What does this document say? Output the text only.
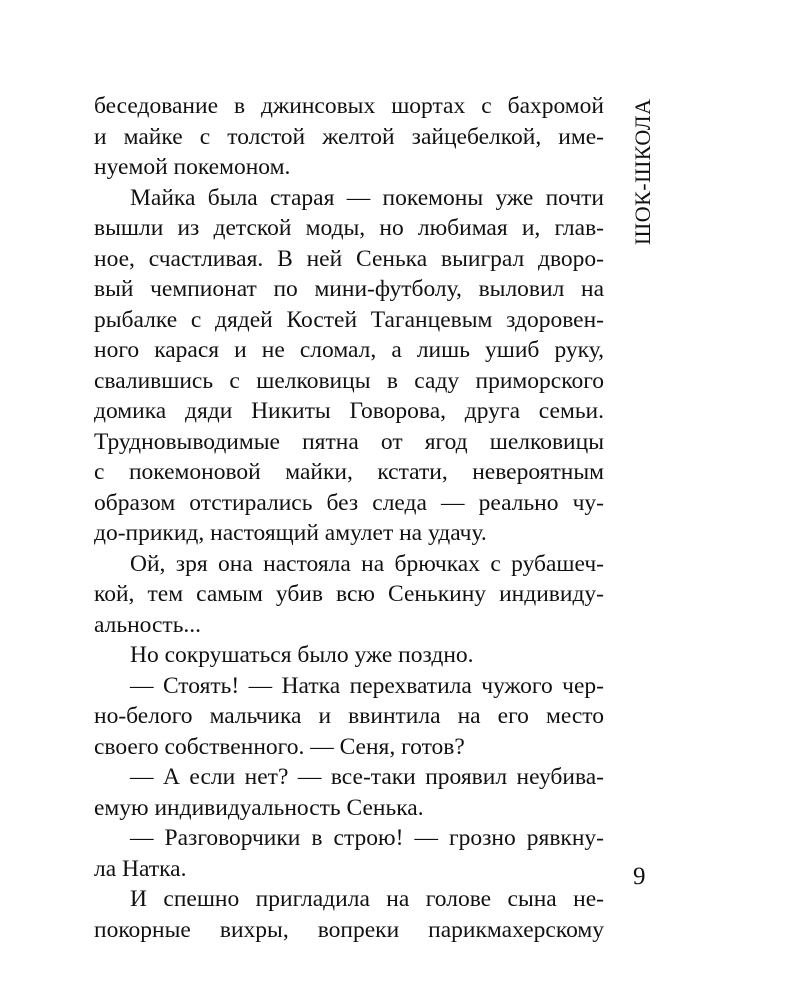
беседование в джинсовых шортах с бахромой
и майке с толстой желтой зайцебелкой, име-
нуемой покемоном.
Майка была старая — покемоны уже почти
вышли из детской моды, но любимая и, глав-
ное, счастливая. В ней Сенька выиграл дворо-
вый чемпионат по мини-футболу, выловил на
рыбалке с дядей Костей Таганцевым здоровен-
ного карася и не сломал, а лишь ушиб руку,
свалившись с шелковицы в саду приморского
домика дяди Никиты Говорова, друга семьи.
Трудновыводимые пятна от ягод шелковицы
с покемоновой майки, кстати, невероятным
образом отстирались без следа — реально чу-
до-прикид, настоящий амулет на удачу.
Ой, зря она настояла на брючках с рубашеч-
кой, тем самым убив всю Сенькину индивиду-
альность...
Но сокрушаться было уже поздно.
— Стоять! — Натка перехватила чужого чер-
но-белого мальчика и ввинтила на его место
своего собственного. — Сеня, готов?
— А если нет? — все-таки проявил неубива-
емую индивидуальность Сенька.
— Разговорчики в строю! — грозно рявкну-
ла Натка.
И спешно пригладила на голове сына не-
покорные вихры, вопреки парикмахерскому
ШОК-ШКОЛА
9
